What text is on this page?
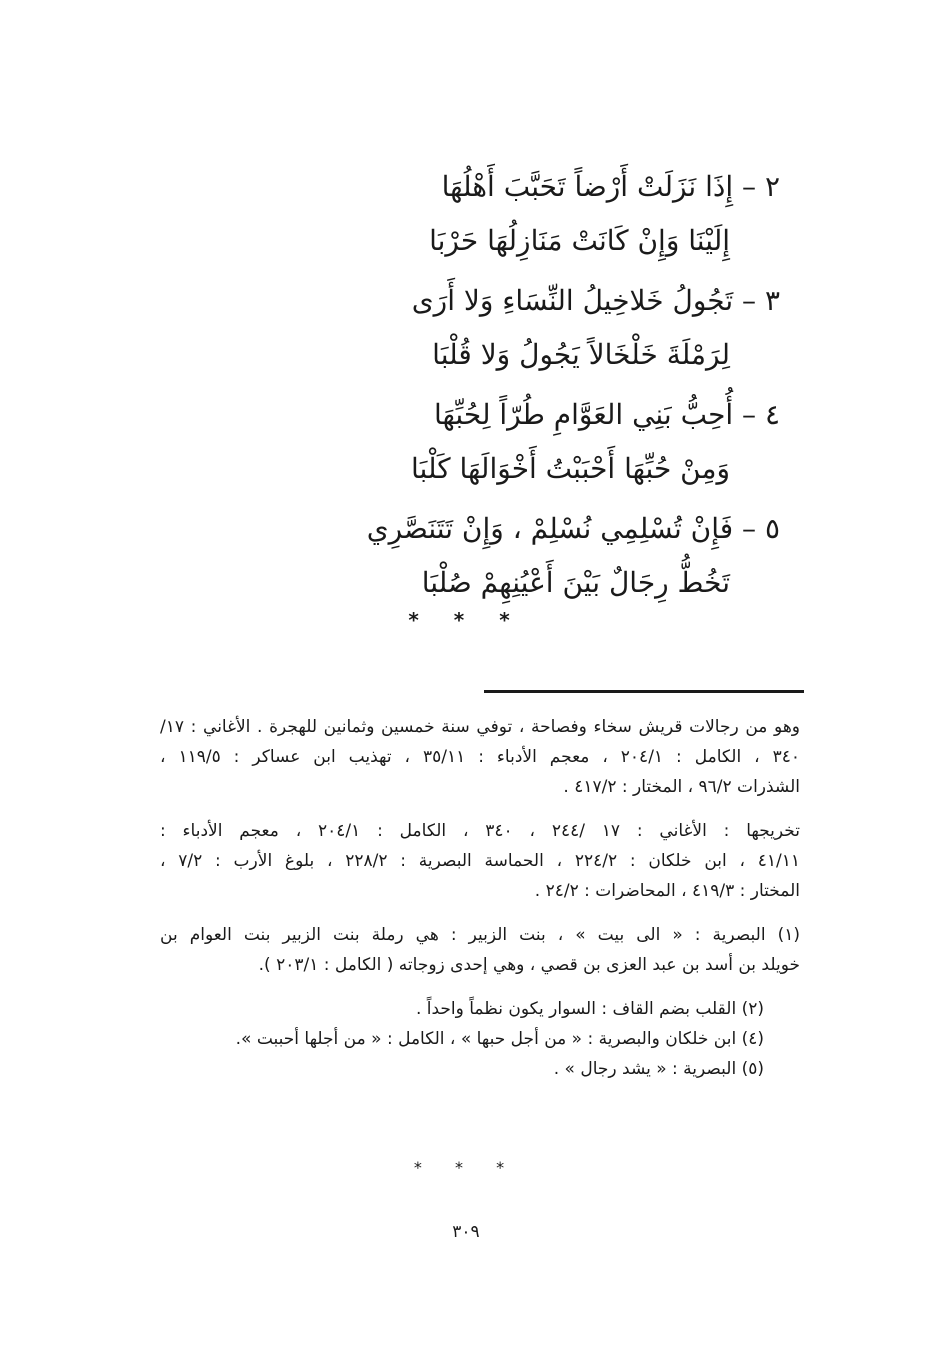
٢ – إِذَا نَزَلَتْ أَرْضاً تَحَبَّبَ أَهْلُهَا
إِلَيْنَا وَإِنْ كَانَتْ مَنَازِلُهَا حَرْبَا
٣ – تَجُولُ خَلاخِيلُ النِّسَاءِ وَلا أَرَى
لِرَمْلَةَ خَلْخَالاً يَجُولُ وَلا قُلْبَا
٤ – أُحِبُّ بَنِي العَوَّامِ طُرّاً لِحُبِّهَا
وَمِنْ حُبِّهَا أَحْبَبْتُ أَخْوَالَهَا كَلْبَا
٥ – فَإِنْ تُسْلِمِي نُسْلِمْ ، وَإِنْ تَتَنَصَّرِي
تَخُطُّ رِجَالٌ بَيْنَ أَعْيُنِهِمْ صُلْبَا
* * *
وهو من رجالات قريش سخاء وفصاحة ، توفي سنة خمسين وثمانين للهجرة . الأغاني : ١٧/
٣٤٠ ، الكامل : ٢٠٤/١ ، معجم الأدباء : ٣٥/١١ ، تهذيب ابن عساكر : ١١٩/٥ ،
الشذرات ٩٦/٢ ، المختار : ٤١٧/٢ .
تخريجها : الأغاني : ١٧ /٢٤٤ ، ٣٤٠ ، الكامل : ٢٠٤/١ ، معجم الأدباء :
٤١/١١ ، ابن خلكان : ٢٢٤/٢ ، الحماسة البصرية : ٢٢٨/٢ ، بلوغ الأرب : ٧/٢ ،
المختار : ٤١٩/٣ ، المحاضرات : ٢٤/٢ .
(١) البصرية : « الى بيت » ، بنت الزبير : هي رملة بنت الزبير بنت العوام بن
خويلد بن أسد بن عبد العزى بن قصي ، وهي إحدى زوجاته ( الكامل : ٢٠٣/١ ).
(٢) القلب بضم القاف : السوار يكون نظماً واحداً .
(٤) ابن خلكان والبصرية : « من أجل حبها » ، الكامل : « من أجلها أحببت ».
(٥) البصرية : « يشد رجال » .
* * *
٣٠٩
